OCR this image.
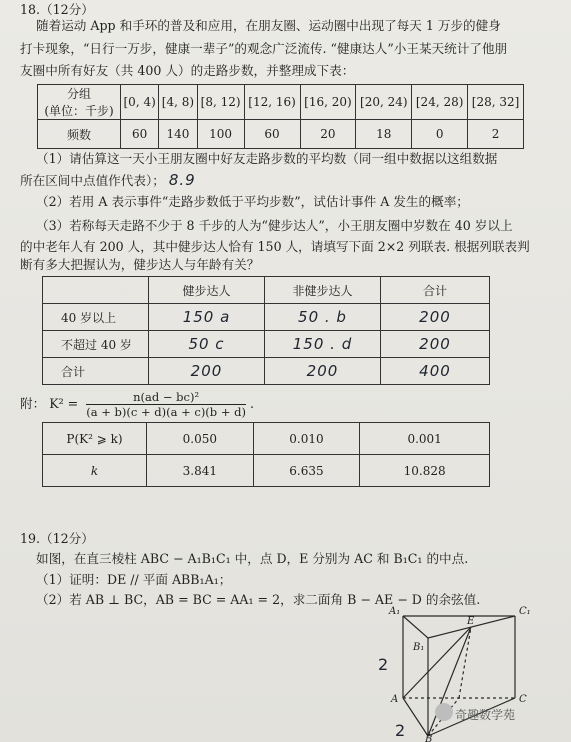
18.（12分）
随着运动 App 和手环的普及和应用，在朋友圈、运动圈中出现了每天 1 万步的健身
打卡现象，“日行一万步，健康一辈子”的观念广泛流传. “健康达人”小王某天统计了他朋
友圈中所有好友（共 400 人）的走路步数，并整理成下表：
分组
(单位：千步)	[0, 4)	[4, 8)	[8, 12)	[12, 16)	[16, 20)	[20, 24)	[24, 28)	[28, 32]
频数	60	140	100	60	20	18	0	2
（1）请估算这一天小王朋友圈中好友走路步数的平均数（同一组中数据以这组数据
所在区间中点值作代表）； 8.9
（2）若用 A 表示事件“走路步数低于平均步数”，试估计事件 A 发生的概率；
（3）若称每天走路不少于 8 千步的人为“健步达人”，小王朋友圈中岁数在 40 岁以上
的中老年人有 200 人，其中健步达人恰有 150 人，请填写下面 2×2 列联表. 根据列联表判
断有多大把握认为，健步达人与年龄有关？
	健步达人	非健步达人	合计
40 岁以上	150 a	50 . b	200
不超过 40 岁	50 c	150 . d	200
合计	200	200	400
附： $K^2 = \frac{\text{n(ad − bc)²}}{(a + b)(c + d)(a + c)(b + d)}$ .
P(K² ⩾ k)	0.050	0.010	0.001
k	3.841	6.635	10.828
19.（12分）
如图，在直三棱柱 ABC − A₁B₁C₁ 中，点 D，E 分别为 AC 和 B₁C₁ 的中点.
（1）证明：DE // 平面 ABB₁A₁；
（2）若 AB ⊥ BC，AB = BC = AA₁ = 2，求二面角 B − AE − D 的余弦值.
A₁	C₁
B₁
E
A
B
C
2
2
奇趣数学苑
